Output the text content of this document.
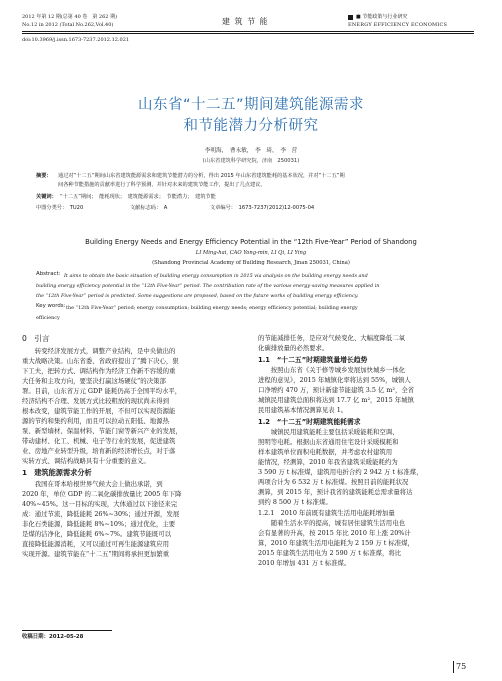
2012 年第 12 期(总第 40 卷　第 262 期)
No.12 in 2012 (Total No.262,Vol.40)	建 筑 节 能	■ 节能政策与行业研究
ENERGY EFFICIENCY ECONOMICS
doi:10.3969/j.issn.1673-7237.2012.12.021
山东省“十二五”期间建筑能源需求
和节能潜力分析研究
李明海，　曹永敏，　李　琦，　李　营
(山东省建筑科学研究院，济南　250031)
摘要： 通过对“十二五”期间山东省建筑能源需求和建筑节能潜力的分析，得出 2015 年山东省建筑能耗的基本状况，并对“十二五”期
间各种节能措施的贡献率进行了科学预测，并针对未来的建筑节能工作，提出了几点建议。
关键词： “十二五”期间；　能耗现状；　建筑能源需求；　节能潜力；　建筑节能
中图分类号：　TU20	文献标志码：　A	文章编号：　1673-7237(2012)12-0075-04
Building Energy Needs and Energy Efficiency Potential in the “12th Five-Year” Period of Shandong
LI Ming-hai, CAO Yong-min, LI Qi, LI Ying
(Shandong Provincial Academy of Building Research, Jinan 250031, China)
Abstract: It aims to obtain the basic situation of building energy consumption in 2015 via analysis on the building energy needs and
building energy efficiency potential in the “12th Five-Year” period. The contribution rate of the various energy-saving measures applied in
the “12th Five-Year” period is predicted. Some suggestions are proposed, based on the future works of building energy efficiency.
Key words: the “12th Five-Year” period; energy consumption; building energy needs; energy efficiency potential; building energy
efficiency
0　引言
　　转变经济发展方式，调整产业结构，是中央做出的
重大战略决策。山东省委、省政府提出了“腾下决心，狠
下工夫，把转方式、调结构作为经济工作新不容缓的重
大任务和主攻方向，要坚决打赢这场硬仗”的决策部
署。目前，山东省万元 GDP 能耗仍高于全国平均水平，
经济结构不合理、发展方式比较粗放的现状尚未得到
根本改变，建筑节能工作的开展，不但可以实现资源能
源的节约和集约利用，而且可以拉动五阳低、地源热
泵、新型墙材、保温材料、节能门窗等新兴产业的发展，
带动建材、化工、机械、电子等行业的发展，促进建筑
业、房地产业转型升级，培育新的经济增长点，对于落
实转方式、调结构战略具有十分重要的意义。
1　建筑能源需求分析
　　我国在哥本哈根世界气候大会上做出承诺，到
2020 年，单位 GDP 的二氧化碳排放量比 2005 年下降
40%~45%。这一目标的实现，大体通过以下途径来完
成：通过节流，降低能耗 26%~30%；通过开源，发展
非化石类能源，降低能耗 8%~10%；通过优化，主要
是煤的洁净化，降低能耗 6%~7%。建筑节能既可以
直接降低能源消耗，又可以通过可再生能源建筑应用
实现开源。建筑节能在“十二五”期间将承担更加繁重
收稿日期：2012-05-28
的节能减排任务，是应对气候变化、大幅度降低二氧
化碳排放量的必然要求。
1.1　“十二五”时期建筑量增长趋势
　　按照山东省《关于修等城乡发展加快城乡一体化
进程的意见》，2015 年城镇化率将达到 55%，城镇人
口净增约 470 万，预计新建节能建筑 3.5 亿 m²，全省
城镇民用建筑总面积将达到 17.7 亿 m²，2015 年城镇
民用建筑基本情况测算见表 1。
1.2　“十二五”时期建筑能耗需求
　　城镇民用建筑能耗主要包括采暖能耗和空调、
照明等电耗。根据山东省通用住宅设计采暖模耗和
样本建筑单位面积电耗数据，并考虑农村建筑用
能情况，经测算，2010 年我省建筑采暖能耗约为
3 590 万 t 标准煤，建筑用电折合约 2 942 万 t 标准煤，
两项合计为 6 532 万 t 标准煤。按照目前的能耗状况
测算，到 2015 年，预计我省的建筑能耗总需求量将达
到约 8 500 万 t 标准煤。
1.2.1　2010 年前既有建筑生活用电能耗增加量
　　随着生活水平的提高，城有居住建筑生活用电也
会有显著的升高，按 2015 年比 2010 年上涨 20%计
算，2010 年建筑生活用电能耗为 2 159 万 t 标准煤，
2015 年建筑生活用电为 2 590 万 t 标准煤，将比
2010 年增加 431 万 t 标准煤。
75
